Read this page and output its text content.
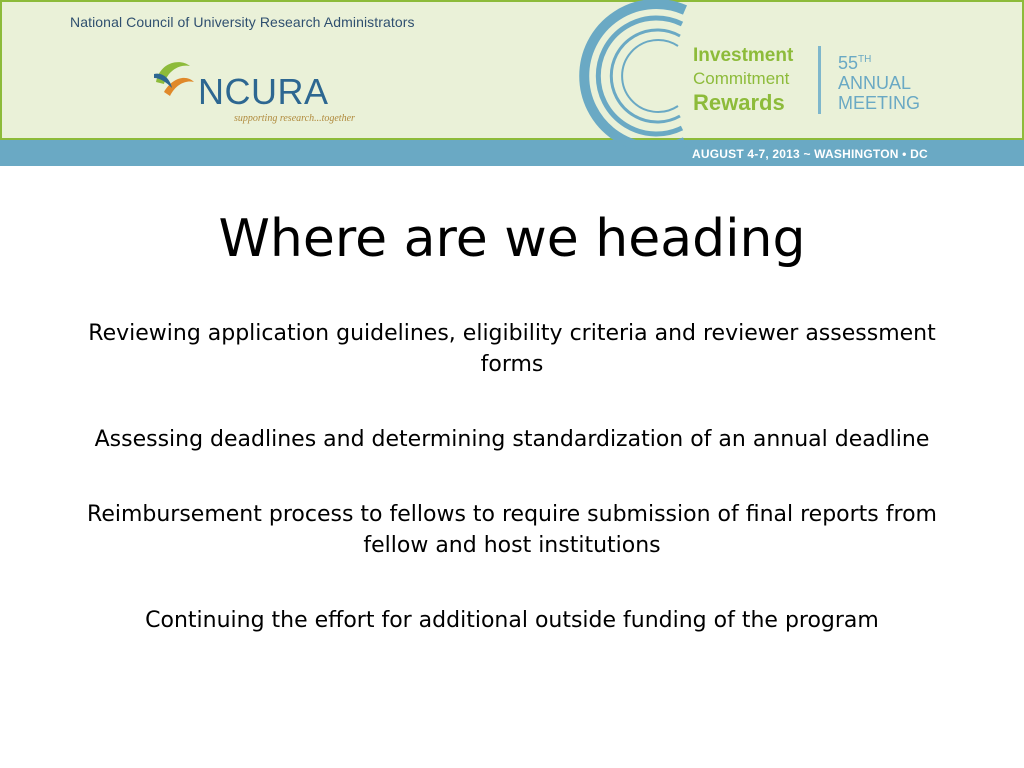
National Council of University Research Administrators
NCURA
supporting research...together
Investment
Commitment
Rewards
55TH
ANNUAL
MEETING
AUGUST 4-7, 2013 ~ WASHINGTON • DC
Where are we heading
Reviewing application guidelines, eligibility criteria and reviewer assessment forms
Assessing deadlines and determining standardization of an annual deadline
Reimbursement process to fellows to require submission of final reports from fellow and host institutions
Continuing the effort for additional outside funding of the program
